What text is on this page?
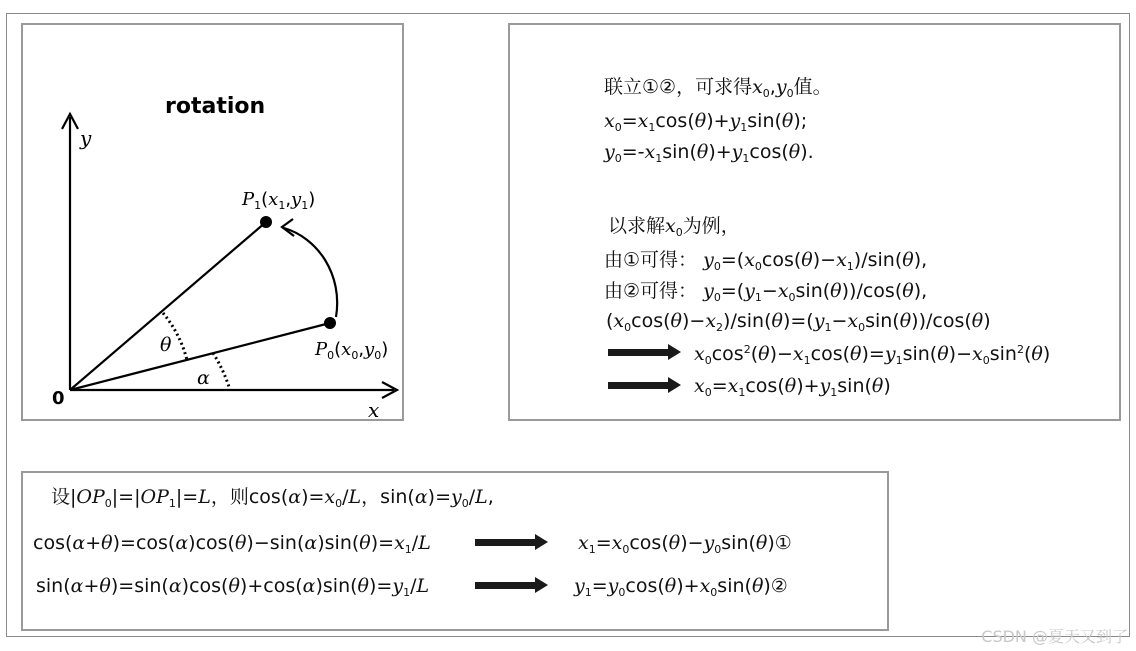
rotation
y
x
0
θ
α
$P_1(x_1,y_1)$
$P_0(x_0,y_0)$
联立①②，可求得$x_0,y_0$值。
$x_0=x_1\cos(\theta)+y_1\sin(\theta)$;
$y_0=-x_1\sin(\theta)+y_1\cos(\theta)$.
以求解$x_0$为例，
由①可得： $y_0=(x_0\cos(\theta)-x_1)/\sin(\theta)$,
由②可得： $y_0=(y_1-x_0\sin(\theta))/\cos(\theta)$,
$(x_0\cos(\theta)-x_2)/\sin(\theta)=(y_1-x_0\sin(\theta))/\cos(\theta)$
$x_0\cos^2(\theta)-x_1\cos(\theta)=y_1\sin(\theta)-x_0\sin^2(\theta)$
$x_0=x_1\cos(\theta)+y_1\sin(\theta)$
设$|OP_0|=|OP_1|=L$，则$\cos(\alpha)=x_0/L$，$\sin(\alpha)=y_0/L$,
$\cos(\alpha+\theta)=\cos(\alpha)\cos(\theta)-\sin(\alpha)\sin(\theta)=x_1/L$	$x_1=x_0\cos(\theta)-y_0\sin(\theta)①$
$\sin(\alpha+\theta)=\sin(\alpha)\cos(\theta)+\cos(\alpha)\sin(\theta)=y_1/L$	$y_1=y_0\cos(\theta)+x_0\sin(\theta)②$
CSDN @夏天又到了
